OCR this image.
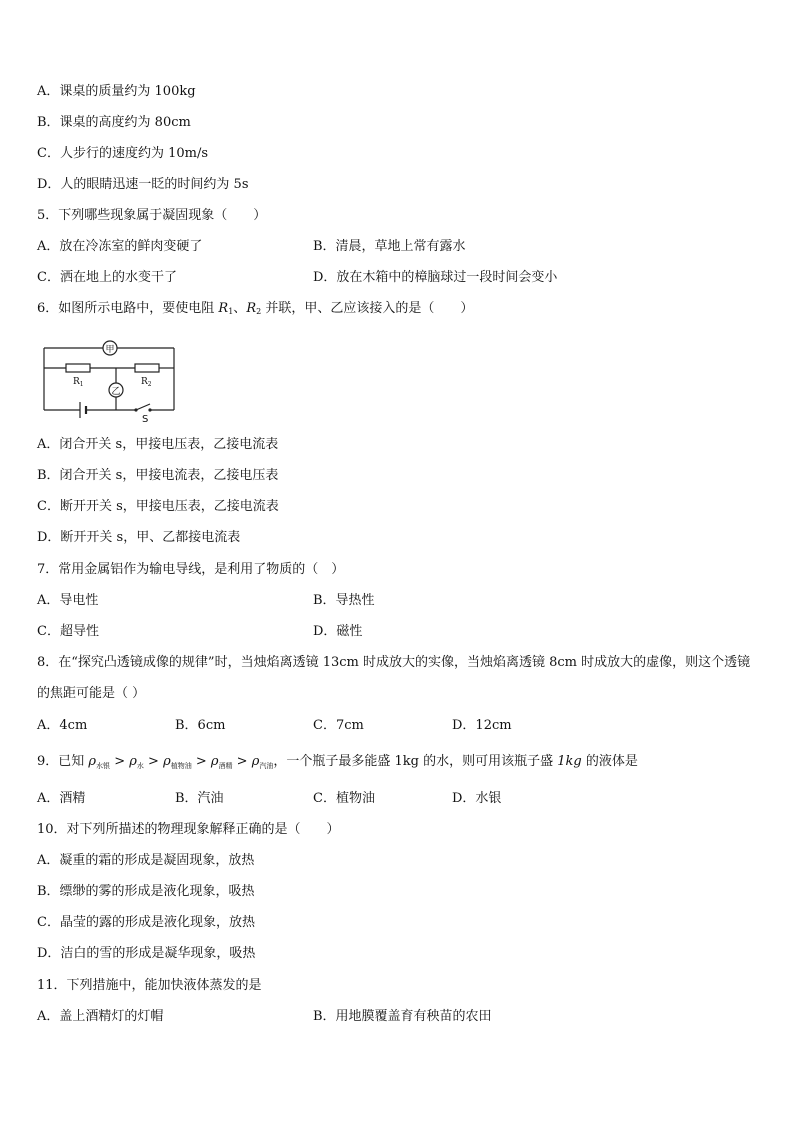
A．课桌的质量约为 100kg
B．课桌的高度约为 80cm
C．人步行的速度约为 10m/s
D．人的眼睛迅速一眨的时间约为 5s
5．下列哪些现象属于凝固现象（　　）
A．放在冷冻室的鲜肉变硬了	B．清晨，草地上常有露水
C．洒在地上的水变干了	D．放在木箱中的樟脑球过一段时间会变小
6．如图所示电路中，要使电阻 $R_1$、$R_2$ 并联，甲、乙应该接入的是（　　）
甲
乙
$R_1$	$R_2$
S
A．闭合开关 s，甲接电压表，乙接电流表
B．闭合开关 s，甲接电流表，乙接电压表
C．断开开关 s，甲接电压表，乙接电流表
D．断开开关 s，甲、乙都接电流表
7．常用金属铝作为输电导线，是利用了物质的（　）
A．导电性	B．导热性
C．超导性	D．磁性
8．在“探究凸透镜成像的规律”时，当烛焰离透镜 13cm 时成放大的实像，当烛焰离透镜 8cm 时成放大的虚像，则这个透镜的焦距可能是（ ）
A．4cm	B．6cm	C．7cm	D．12cm
9．已知 $\rho_{水银} > \rho_水 > \rho_{植物油} > \rho_{酒精} > \rho_{汽油}$，一个瓶子最多能盛 1kg 的水，则可用该瓶子盛 1kg 的液体是
A．酒精	B．汽油	C．植物油	D．水银
10．对下列所描述的物理现象解释正确的是（　　）
A．凝重的霜的形成是凝固现象，放热
B．缥缈的雾的形成是液化现象，吸热
C．晶莹的露的形成是液化现象，放热
D．洁白的雪的形成是凝华现象，吸热
11．下列措施中，能加快液体蒸发的是
A．盖上酒精灯的灯帽	B．用地膜覆盖育有秧苗的农田
